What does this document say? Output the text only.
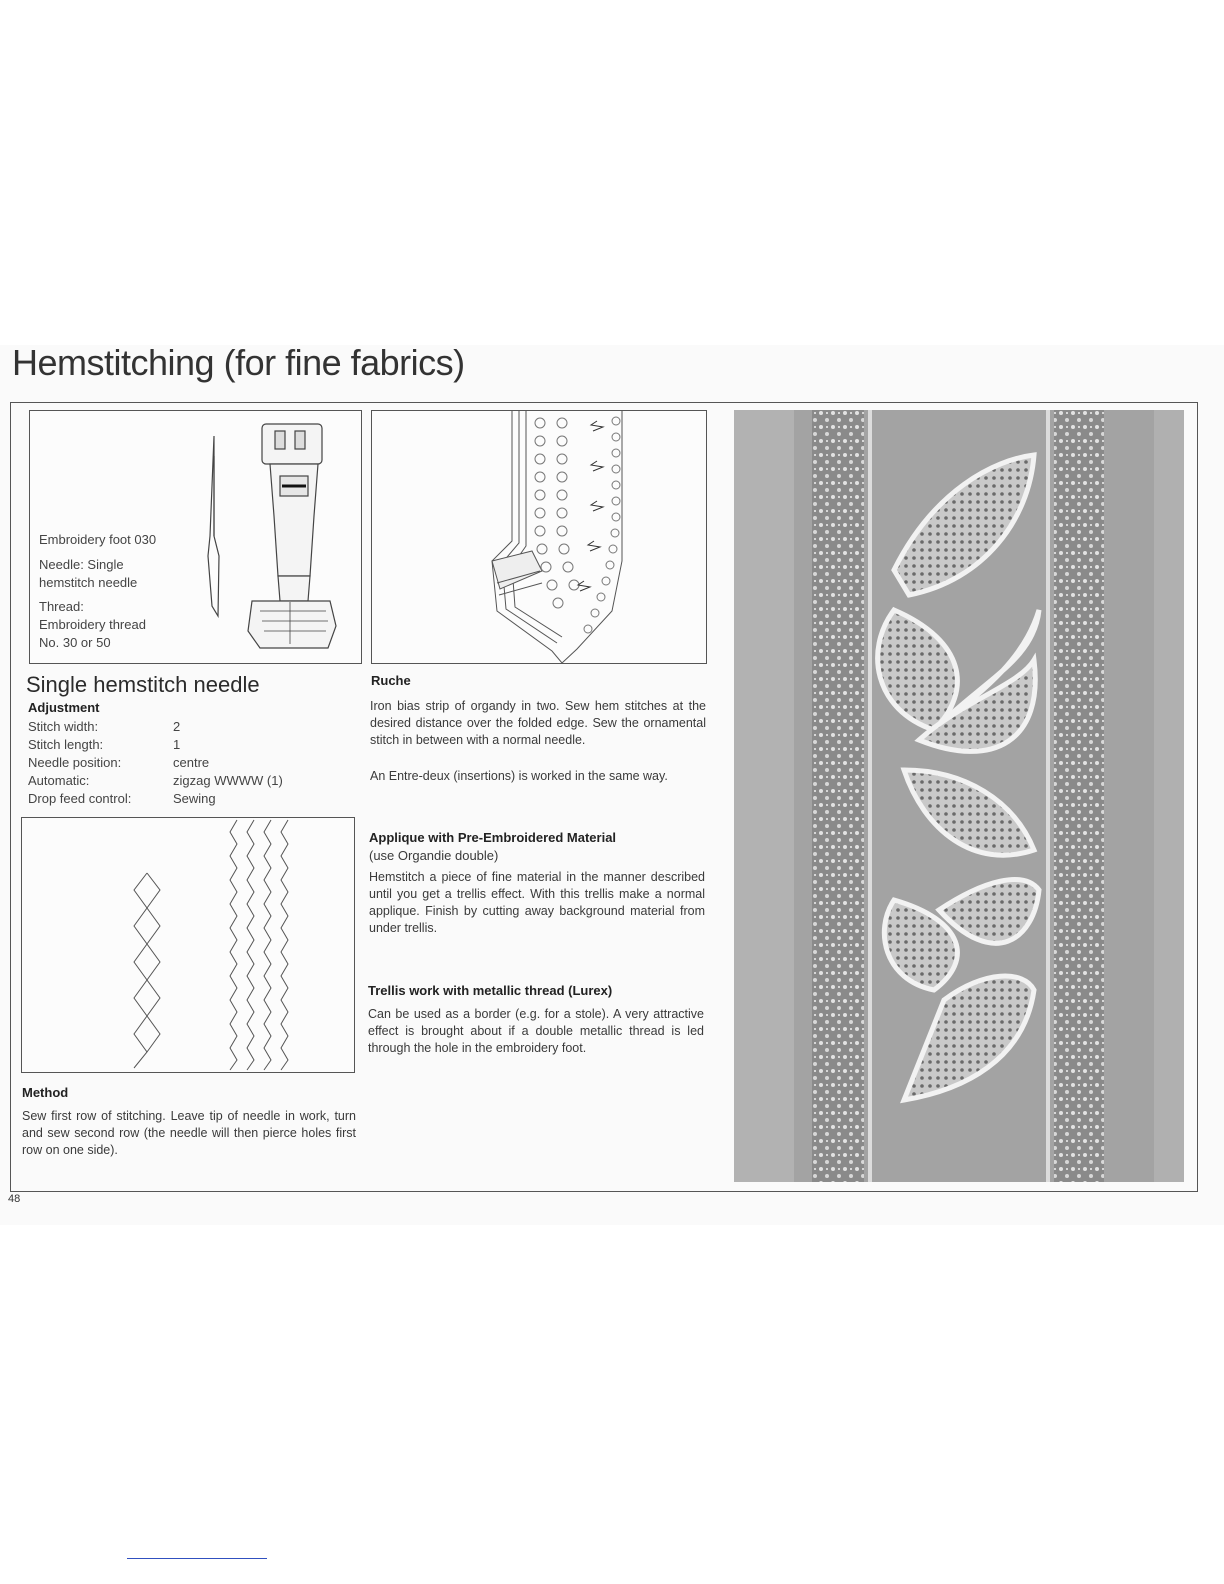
Hemstitching (for fine fabrics)
Embroidery foot 030
Needle: Single
hemstitch needle
Thread:
Embroidery thread
No. 30 or 50
Single hemstitch needle
Adjustment
Stitch width:	2
Stitch length:	1
Needle position:	centre
Automatic:	zigzag WWWW (1)
Drop feed control:	Sewing
Method

Sew first row of stitching. Leave tip of needle in work, turn and sew second row (the needle will then pierce holes first row on one side).

Ruche

Iron bias strip of organdy in two. Sew hem stitches at the desired distance over the folded edge. Sew the ornamental stitch in between with a normal needle.

An Entre-deux (insertions) is worked in the same way.

Applique with Pre-Embroidered Material
(use Organdie double)

Hemstitch a piece of fine material in the manner described until you get a trellis effect. With this trellis make a normal applique. Finish by cutting away background material from under trellis.

Trellis work with metallic thread (Lurex)

Can be used as a border (e.g. for a stole). A very attractive effect is brought about if a double metallic thread is led through the hole in the embroidery foot.

48
